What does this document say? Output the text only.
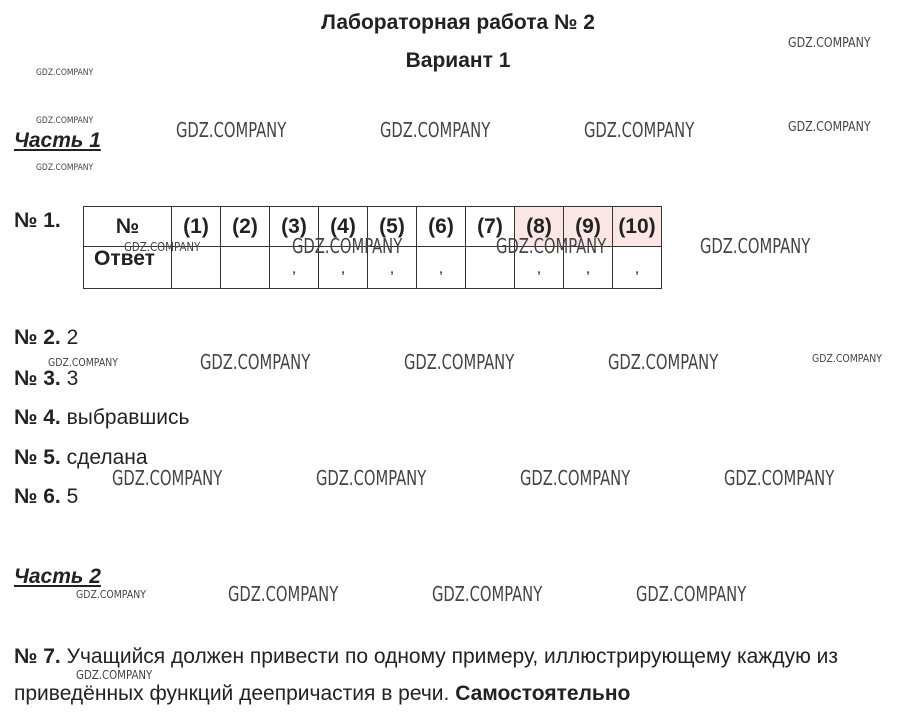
Лабораторная работа № 2
Вариант 1
Часть 1
№ 1.	№	(1)	(2)	(3)	(4)	(5)	(6)	(7)	(8)	(9)	(10)
Ответ			,	,	,	,		,	,	,
№ 2. 2
№ 3. 3
№ 4. выбравшись
№ 5. сделана
№ 6. 5
Часть 2
№ 7. Учащийся должен привести по одному примеру, иллюстрирующему каждую из
приведённых функций деепричастия в речи. Самостоятельно
GDZ.COMPANY	GDZ.COMPANY	GDZ.COMPANY
GDZ.COMPANY	GDZ.COMPANY	GDZ.COMPANY
GDZ.COMPANY	GDZ.COMPANY	GDZ.COMPANY
GDZ.COMPANY	GDZ.COMPANY	GDZ.COMPANY	GDZ.COMPANY
GDZ.COMPANY	GDZ.COMPANY	GDZ.COMPANY
GDZ.COMPANY
GDZ.COMPANY
GDZ.COMPANY	GDZ.COMPANY
GDZ.COMPANY
GDZ.COMPANY
GDZ.COMPANY	GDZ.COMPANY
GDZ.COMPANY
GDZ.COMPANY
